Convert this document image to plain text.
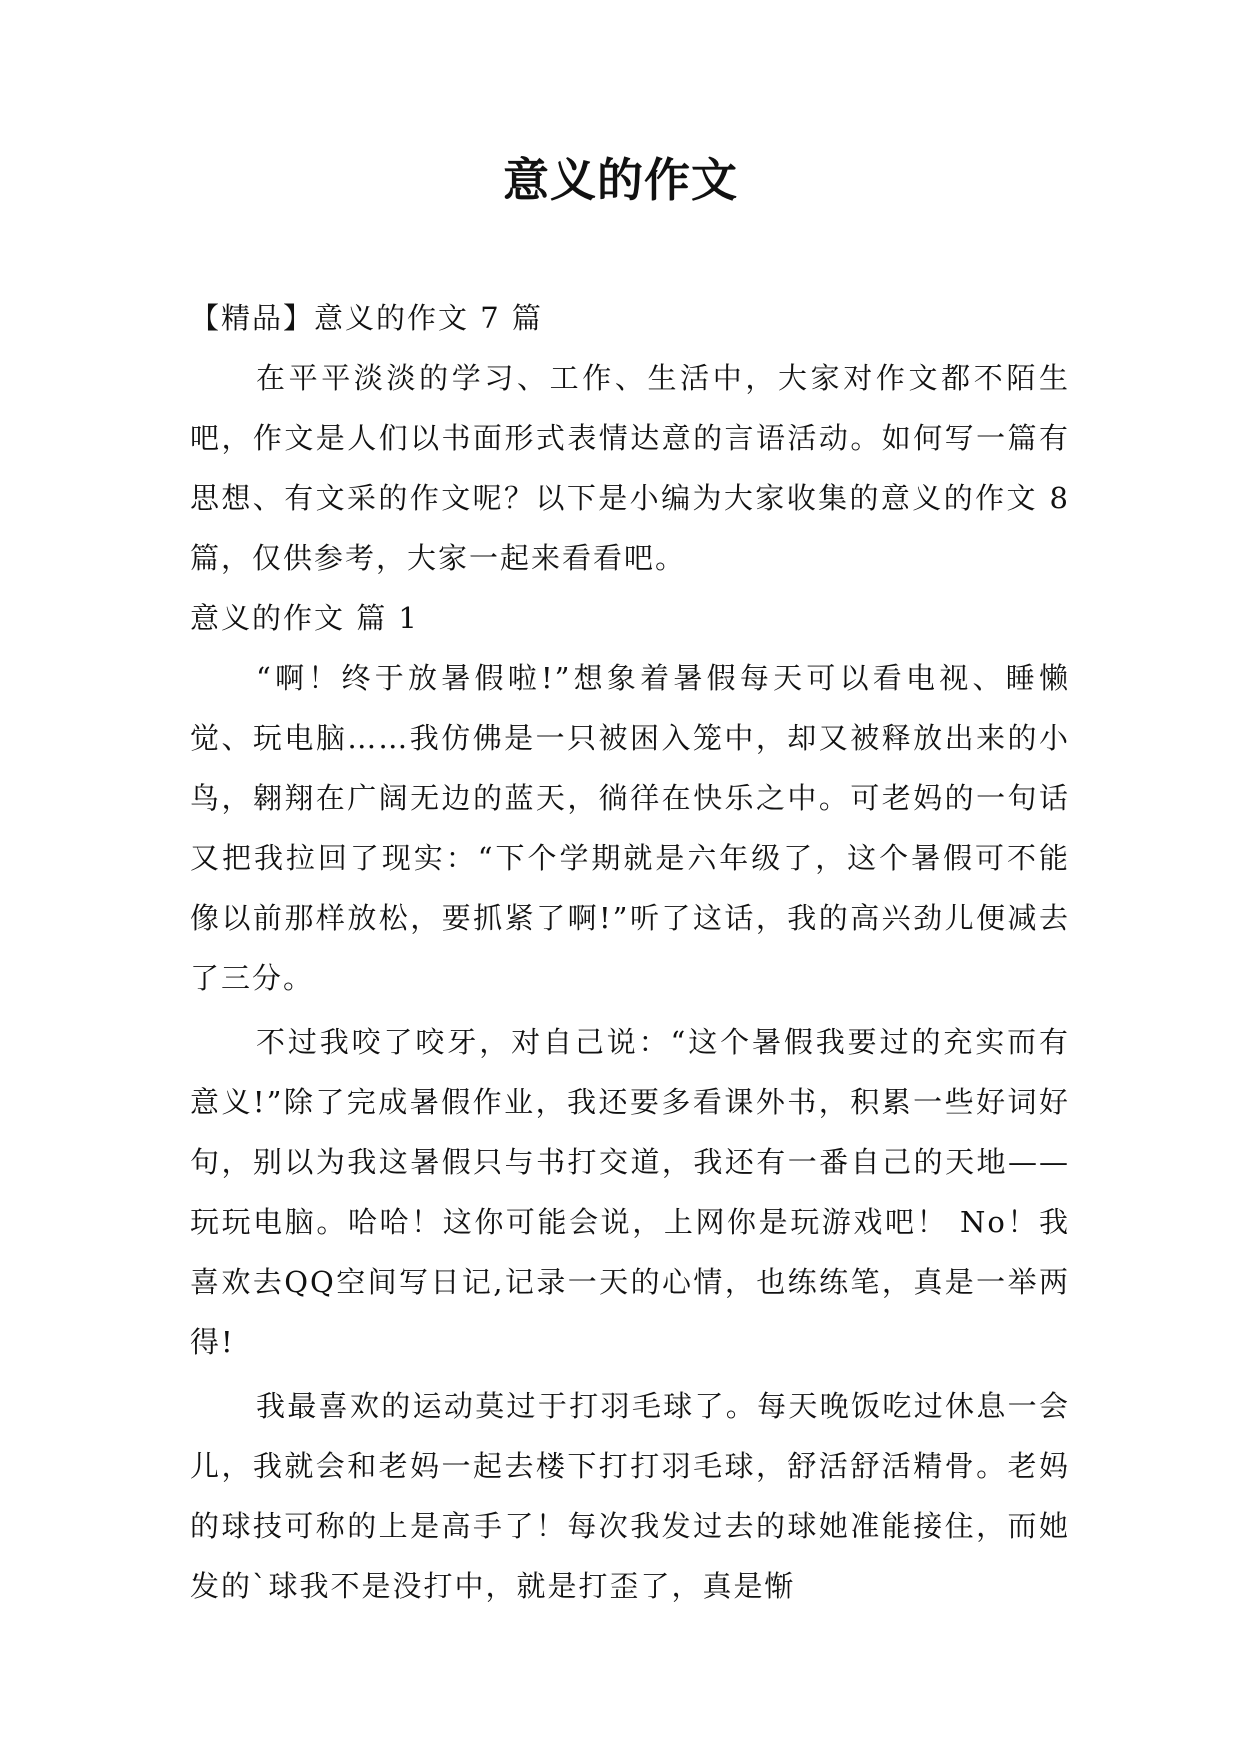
意义的作文

【精品】意义的作文 7 篇

在平平淡淡的学习、工作、生活中，大家对作文都不陌生吧，作文是人们以书面形式表情达意的言语活动。如何写一篇有思想、有文采的作文呢？以下是小编为大家收集的意义的作文 8 篇，仅供参考，大家一起来看看吧。

意义的作文 篇 1

“啊！终于放暑假啦!”想象着暑假每天可以看电视、睡懒觉、玩电脑……我仿佛是一只被困入笼中，却又被释放出来的小鸟，翱翔在广阔无边的蓝天，徜徉在快乐之中。可老妈的一句话又把我拉回了现实：“下个学期就是六年级了，这个暑假可不能像以前那样放松，要抓紧了啊!”听了这话，我的高兴劲儿便减去了三分。

不过我咬了咬牙，对自己说：“这个暑假我要过的充实而有意义!”除了完成暑假作业，我还要多看课外书，积累一些好词好句，别以为我这暑假只与书打交道，我还有一番自己的天地——玩玩电脑。哈哈！这你可能会说，上网你是玩游戏吧！ No！我喜欢去QQ空间写日记,记录一天的心情，也练练笔，真是一举两得!

我最喜欢的运动莫过于打羽毛球了。每天晚饭吃过休息一会儿，我就会和老妈一起去楼下打打羽毛球，舒活舒活精骨。老妈的球技可称的上是高手了！每次我发过去的球她准能接住，而她发的`球我不是没打中，就是打歪了，真是惭
